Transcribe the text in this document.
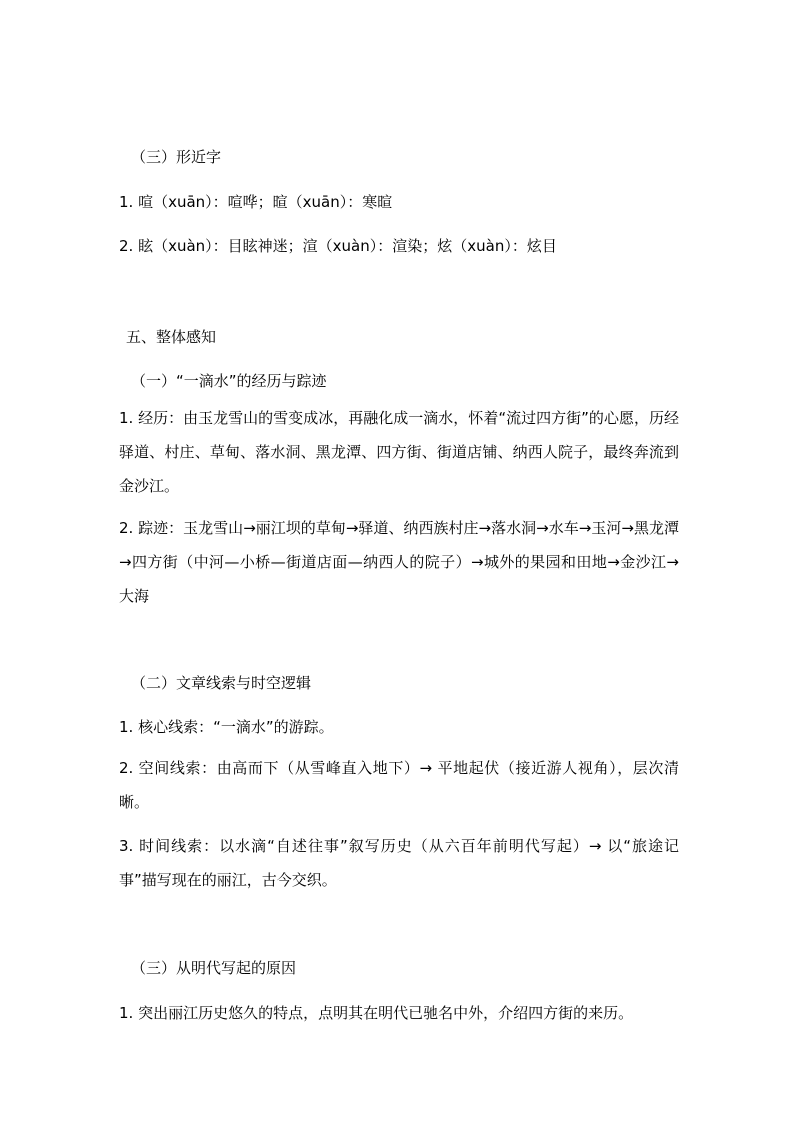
（三）形近字
1. 喧（xuān）：喧哗；暄（xuān）：寒暄
2. 眩（xuàn）：目眩神迷；渲（xuàn）：渲染；炫（xuàn）：炫目
五、整体感知
（一）“一滴水”的经历与踪迹
1. 经历：由玉龙雪山的雪变成冰，再融化成一滴水，怀着“流过四方街”的心愿，历经驿道、村庄、草甸、落水洞、黑龙潭、四方街、街道店铺、纳西人院子，最终奔流到金沙江。
2. 踪迹：玉龙雪山→丽江坝的草甸→驿道、纳西族村庄→落水洞→水车→玉河→黑龙潭→四方街（中河—小桥—街道店面—纳西人的院子）→城外的果园和田地→金沙江→大海
（二）文章线索与时空逻辑
1. 核心线索：“一滴水”的游踪。
2. 空间线索：由高而下（从雪峰直入地下）→ 平地起伏（接近游人视角），层次清晰。
3. 时间线索：以水滴“自述往事”叙写历史（从六百年前明代写起）→ 以“旅途记事”描写现在的丽江，古今交织。
（三）从明代写起的原因
1. 突出丽江历史悠久的特点，点明其在明代已驰名中外，介绍四方街的来历。
